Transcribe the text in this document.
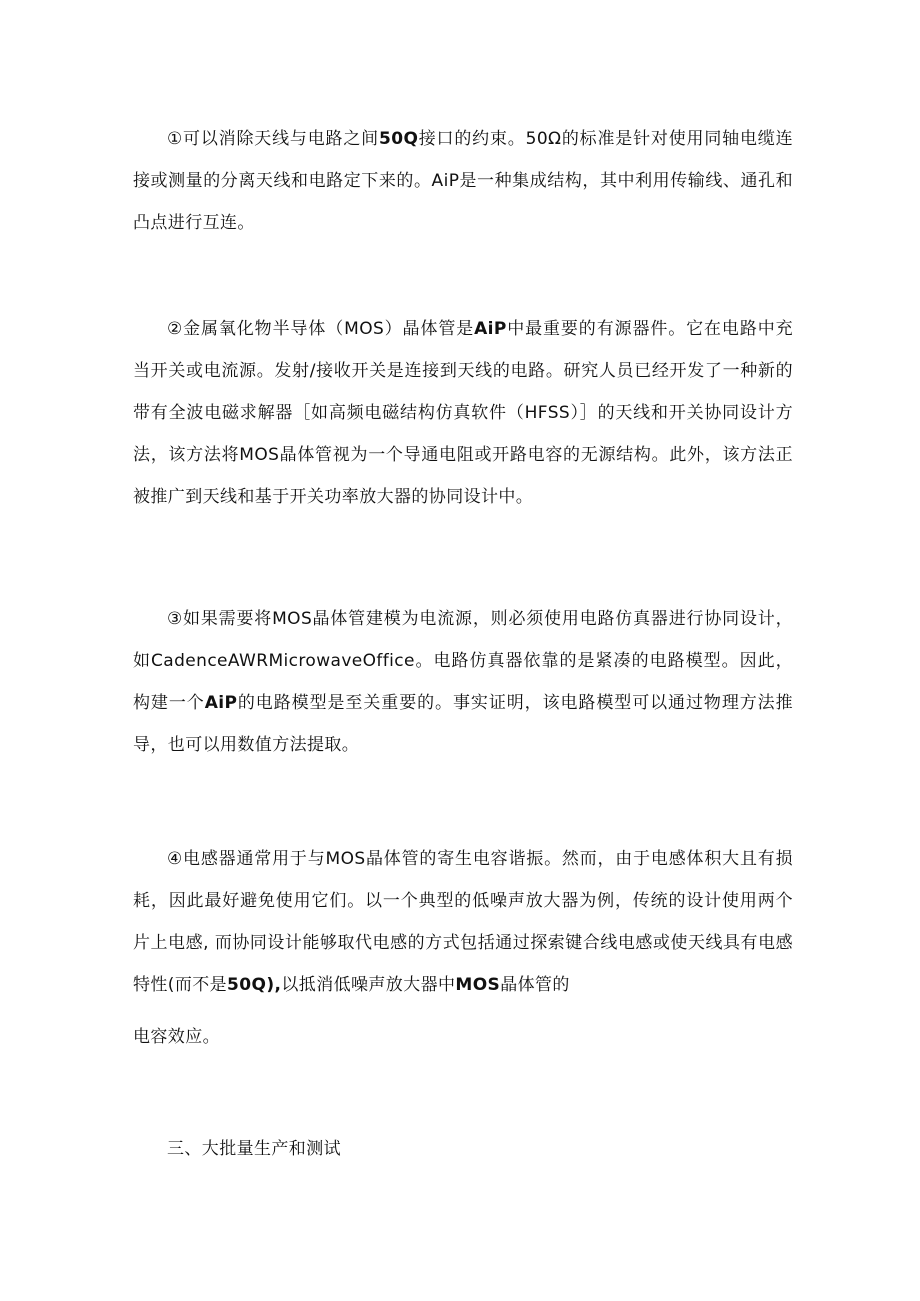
①可以消除天线与电路之间50Q接口的约束。50Ω的标准是针对使用同轴电缆连接或测量的分离天线和电路定下来的。AiP是一种集成结构，其中利用传输线、通孔和凸点进行互连。

②金属氧化物半导体（MOS）晶体管是AiP中最重要的有源器件。它在电路中充当开关或电流源。发射/接收开关是连接到天线的电路。研究人员已经开发了一种新的带有全波电磁求解器［如高频电磁结构仿真软件（HFSS）］的天线和开关协同设计方法，该方法将MOS晶体管视为一个导通电阻或开路电容的无源结构。此外，该方法正被推广到天线和基于开关功率放大器的协同设计中。

③如果需要将MOS晶体管建模为电流源，则必须使用电路仿真器进行协同设计，如CadenceAWRMicrowaveOffice。电路仿真器依靠的是紧凑的电路模型。因此，构建一个AiP的电路模型是至关重要的。事实证明，该电路模型可以通过物理方法推导，也可以用数值方法提取。

④电感器通常用于与MOS晶体管的寄生电容谐振。然而，由于电感体积大且有损耗，因此最好避免使用它们。以一个典型的低噪声放大器为例，传统的设计使用两个片上电感, 而协同设计能够取代电感的方式包括通过探索键合线电感或使天线具有电感特性(而不是50Q),以抵消低噪声放大器中MOS晶体管的

电容效应。

三、大批量生产和测试
